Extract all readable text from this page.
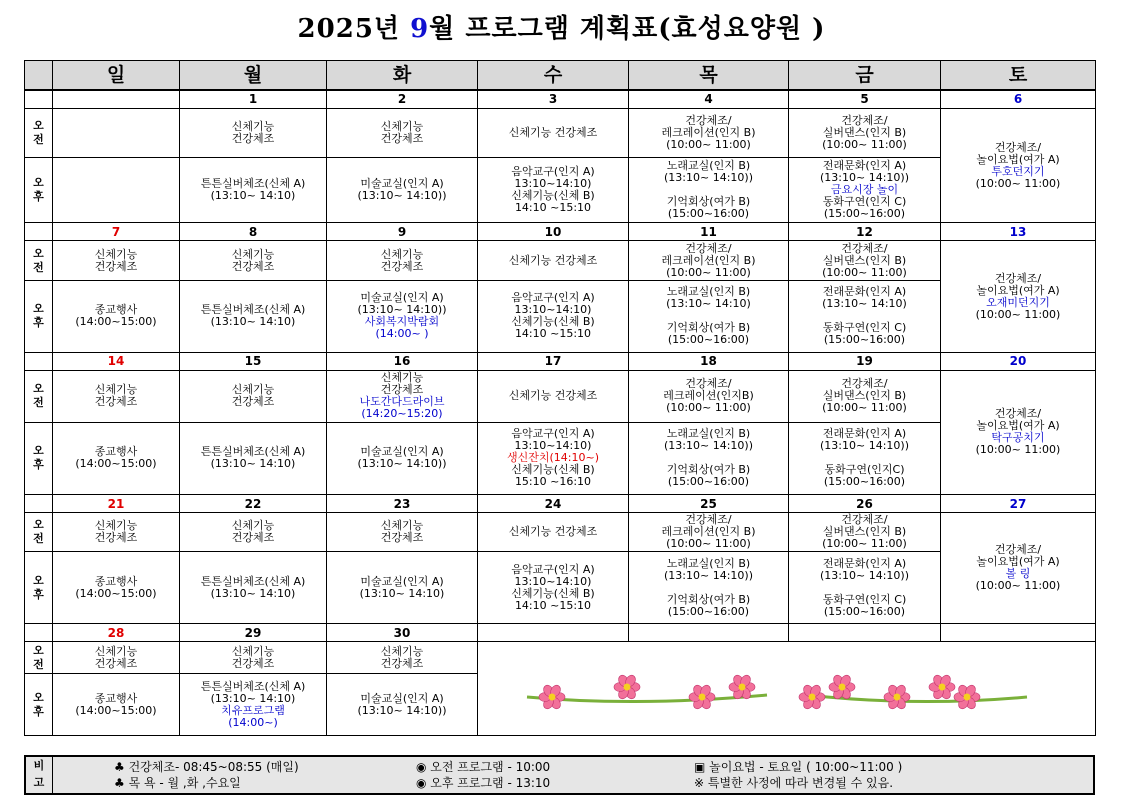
2025년 9월 프로그램 계획표(효성요양원 )
	일	월	화	수	목	금	토
		1	2	3	4	5	6

오
전		신체기능
건강체조	신체기능
건강체조	신체기능 건강체조	건강체조/
레크레이션(인지 B)
(10:00~ 11:00)	건강체조/
실버댄스(인지 B)
(10:00~ 11:00)	건강체조/
놀이요법(여가 A)
투호던지기
(10:00~ 11:00)

오
후		튼튼실버체조(신체 A)
(13:10~ 14:10)	미술교실(인지 A)
(13:10~ 14:10))	음악교구(인지 A)
13:10~14:10)
신체기능(신체 B)
14:10 ~15:10	노래교실(인지 B)
(13:10~ 14:10))

기억회상(여가 B)
(15:00~16:00)	전래문화(인지 A)
(13:10~ 14:10))
금요시장 놀이
동화구연(인지 C)
(15:00~16:00)	

	7	8	9	10	11	12	13

오
전	신체기능
건강체조	신체기능
건강체조	신체기능
건강체조	신체기능 건강체조	건강체조/
레크레이션(인지 B)
(10:00~ 11:00)	건강체조/
실버댄스(인지 B)
(10:00~ 11:00)	건강체조/
놀이요법(여가 A)
오재미던지기
(10:00~ 11:00)

오
후	종교행사
(14:00~15:00)	튼튼실버체조(신체 A)
(13:10~ 14:10)	미술교실(인지 A)
(13:10~ 14:10))
사회복지박람회
(14:00~ )	음악교구(인지 A)
13:10~14:10)
신체기능(신체 B)
14:10 ~15:10	노래교실(인지 B)
(13:10~ 14:10)

기억회상(여가 B)
(15:00~16:00)	전래문화(인지 A)
(13:10~ 14:10)

동화구연(인지 C)
(15:00~16:00)	

	14	15	16	17	18	19	20

오
전	신체기능
건강체조	신체기능
건강체조	신체기능
건강체조
나도간다드라이브
(14:20~15:20)	신체기능 건강체조	건강체조/
레크레이션(인지B)
(10:00~ 11:00)	건강체조/
실버댄스(인지 B)
(10:00~ 11:00)	건강체조/
놀이요법(여가 A)
탁구공치기
(10:00~ 11:00)

오
후	종교행사
(14:00~15:00)	튼튼실버체조(신체 A)
(13:10~ 14:10)	미술교실(인지 A)
(13:10~ 14:10))	음악교구(인지 A)
13:10~14:10)
생신잔치(14:10~)
신체기능(신체 B)
15:10 ~16:10	노래교실(인지 B)
(13:10~ 14:10))

기억회상(여가 B)
(15:00~16:00)	전래문화(인지 A)
(13:10~ 14:10))

동화구연(인지C)
(15:00~16:00)	

	21	22	23	24	25	26	27

오
전	신체기능
건강체조	신체기능
건강체조	신체기능
건강체조	신체기능 건강체조	건강체조/
레크레이션(인지 B)
(10:00~ 11:00)	건강체조/
실버댄스(인지 B)
(10:00~ 11:00)	건강체조/
놀이요법(여가 A)
볼 링
(10:00~ 11:00)

오
후	종교행사
(14:00~15:00)	튼튼실버체조(신체 A)
(13:10~ 14:10)	미술교실(인지 A)
(13:10~ 14:10)	음악교구(인지 A)
13:10~14:10)
신체기능(신체 B)
14:10 ~15:10	노래교실(인지 B)
(13:10~ 14:10))

기억회상(여가 B)
(15:00~16:00)	전래문화(인지 A)
(13:10~ 14:10))

동화구연(인지 C)
(15:00~16:00)	

	28	29	30				

오
전	신체기능
건강체조	신체기능
건강체조	신체기능
건강체조

오
후	종교행사
(14:00~15:00)	튼튼실버체조(신체 A)
(13:10~ 14:10)
치유프로그램
(14:00~)	미술교실(인지 A)
(13:10~ 14:10))				
비
고
♣ 건강체조- 08:45~08:55 (매일)
♣ 목 욕 - 월 ,화 ,수요일
◉ 오전 프로그램 - 10:00
◉ 오후 프로그램 - 13:10
▣ 놀이요법 - 토요일 ( 10:00~11:00 )
※ 특별한 사정에 따라 변경될 수 있음.
